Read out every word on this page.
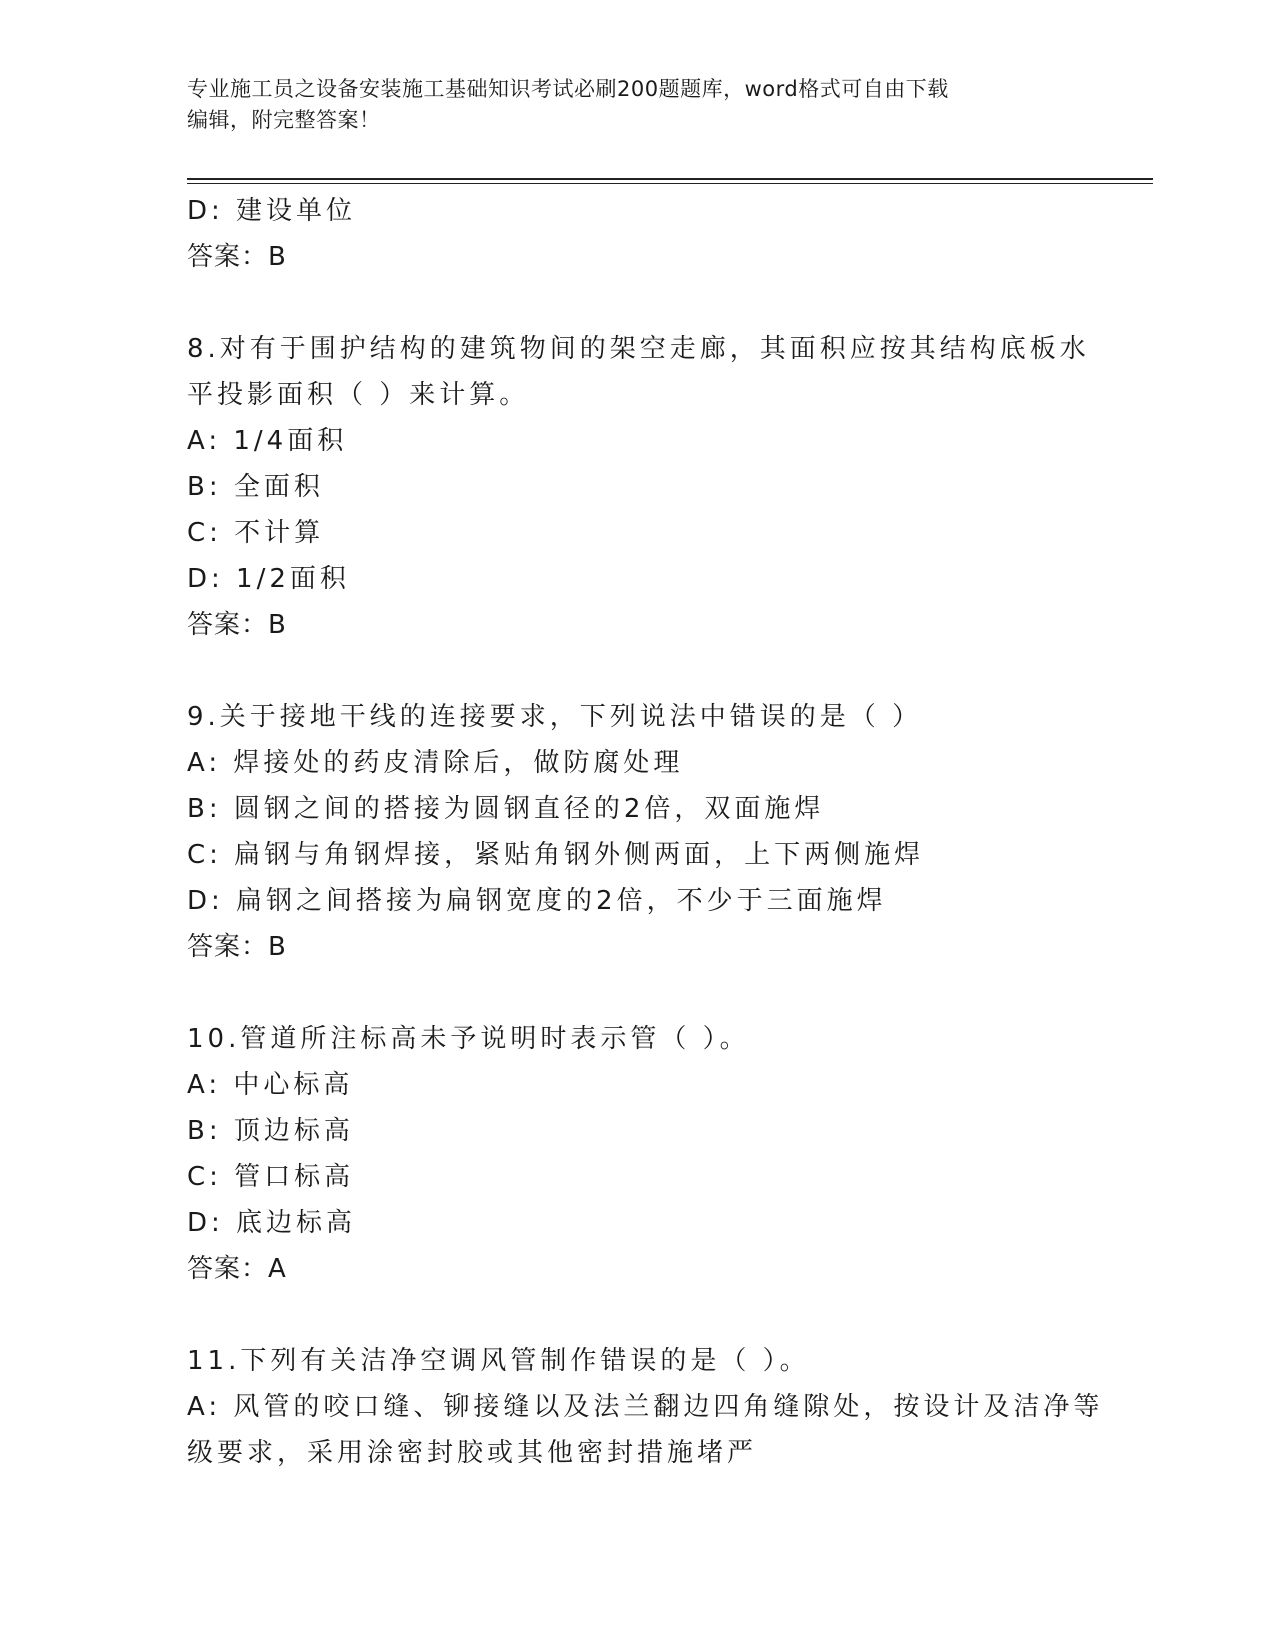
专业施工员之设备安装施工基础知识考试必刷200题题库，word格式可自由下载

编辑，附完整答案！

D: 建设单位
答案：B
8.对有于围护结构的建筑物间的架空走廊，其面积应按其结构底板水
平投影面积（ ）来计算。
A: 1/4面积
B: 全面积
C: 不计算
D: 1/2面积
答案：B
9.关于接地干线的连接要求，下列说法中错误的是（ ）
A: 焊接处的药皮清除后，做防腐处理
B: 圆钢之间的搭接为圆钢直径的2倍，双面施焊
C: 扁钢与角钢焊接，紧贴角钢外侧两面，上下两侧施焊
D: 扁钢之间搭接为扁钢宽度的2倍，不少于三面施焊
答案：B
10.管道所注标高未予说明时表示管（ ）。
A: 中心标高
B: 顶边标高
C: 管口标高
D: 底边标高
答案：A
11.下列有关洁净空调风管制作错误的是（ ）。
A: 风管的咬口缝、铆接缝以及法兰翻边四角缝隙处，按设计及洁净等
级要求，采用涂密封胶或其他密封措施堵严
